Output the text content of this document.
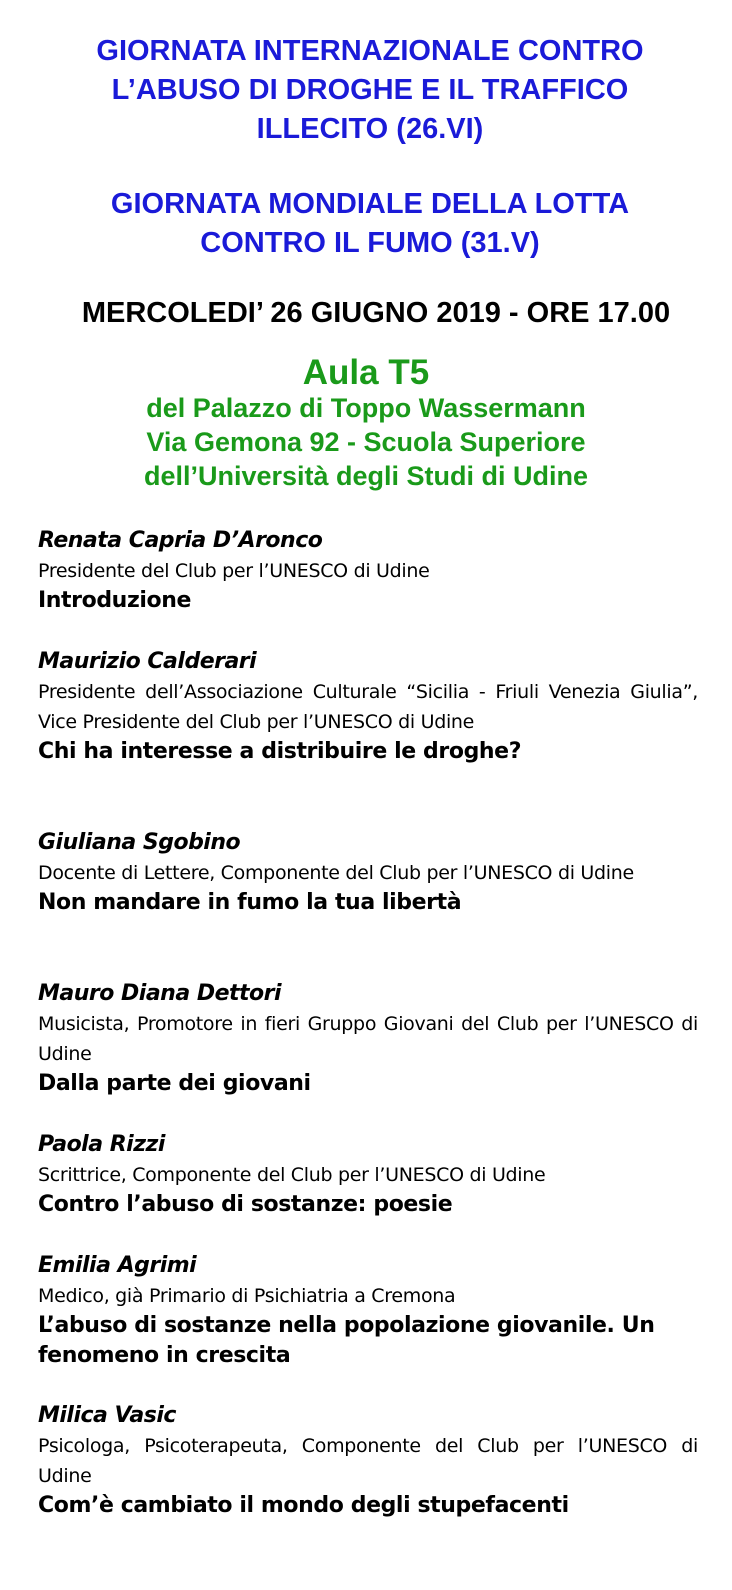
GIORNATA INTERNAZIONALE CONTRO
L’ABUSO DI DROGHE E IL TRAFFICO
ILLECITO (26.VI)
GIORNATA MONDIALE DELLA LOTTA
CONTRO IL FUMO (31.V)
MERCOLEDI’ 26 GIUGNO 2019 - ORE 17.00
Aula T5
del Palazzo di Toppo Wassermann
Via Gemona 92 - Scuola Superiore
dell’Università degli Studi di Udine
Renata Capria D’Aronco
Presidente del Club per l’UNESCO di Udine
Introduzione
Maurizio Calderari
Presidente dell’Associazione Culturale “Sicilia - Friuli Venezia Giulia”, Vice Presidente del Club per l’UNESCO di Udine
Chi ha interesse a distribuire le droghe?
Giuliana Sgobino
Docente di Lettere, Componente del Club per l’UNESCO di Udine
Non mandare in fumo la tua libertà
Mauro Diana Dettori
Musicista, Promotore in fieri Gruppo Giovani del Club per l’UNESCO di Udine
Dalla parte dei giovani
Paola Rizzi
Scrittrice, Componente del Club per l’UNESCO di Udine
Contro l’abuso di sostanze: poesie
Emilia Agrimi
Medico, già Primario di Psichiatria a Cremona
L’abuso di sostanze nella popolazione giovanile. Un fenomeno in crescita
Milica Vasic
Psicologa, Psicoterapeuta, Componente del Club per l’UNESCO di Udine
Com’è cambiato il mondo degli stupefacenti
